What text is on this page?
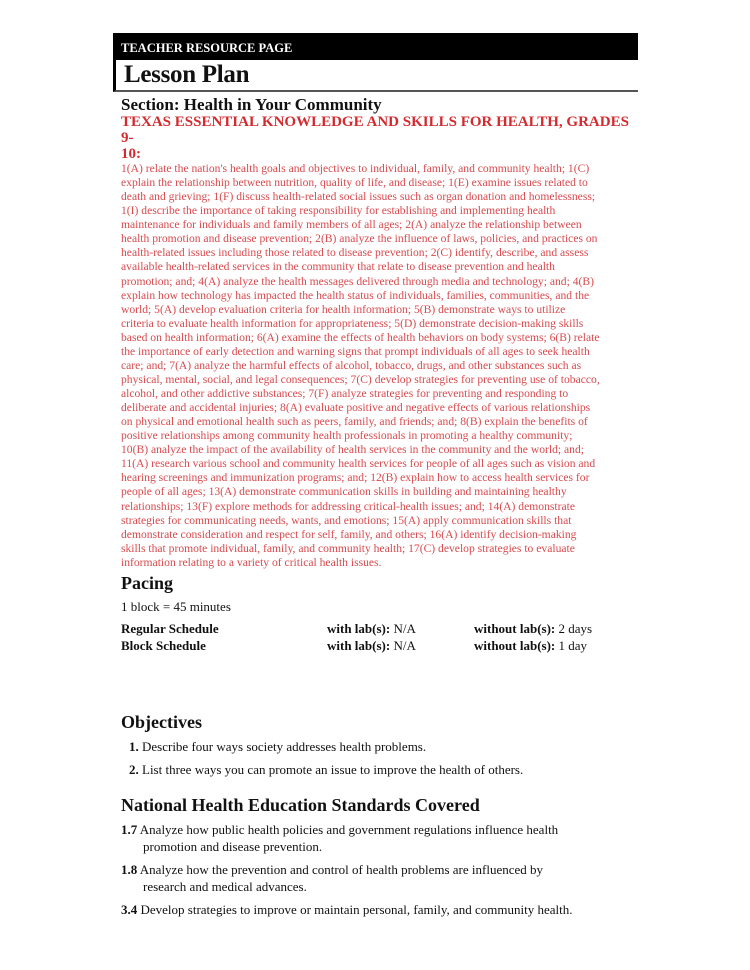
TEACHER RESOURCE PAGE
Lesson Plan
Section: Health in Your Community
TEXAS ESSENTIAL KNOWLEDGE AND SKILLS FOR HEALTH, GRADES 9-
10:
1(A) relate the nation's health goals and objectives to individual, family, and community health; 1(C)
explain the relationship between nutrition, quality of life, and disease; 1(E) examine issues related to
death and grieving; 1(F) discuss health-related social issues such as organ donation and homelessness;
1(I) describe the importance of taking responsibility for establishing and implementing health
maintenance for individuals and family members of all ages; 2(A) analyze the relationship between
health promotion and disease prevention; 2(B) analyze the influence of laws, policies, and practices on
health-related issues including those related to disease prevention; 2(C) identify, describe, and assess
available health-related services in the community that relate to disease prevention and health
promotion; and; 4(A) analyze the health messages delivered through media and technology; and; 4(B)
explain how technology has impacted the health status of individuals, families, communities, and the
world; 5(A) develop evaluation criteria for health information; 5(B) demonstrate ways to utilize
criteria to evaluate health information for appropriateness; 5(D) demonstrate decision-making skills
based on health information; 6(A) examine the effects of health behaviors on body systems; 6(B) relate
the importance of early detection and warning signs that prompt individuals of all ages to seek health
care; and; 7(A) analyze the harmful effects of alcohol, tobacco, drugs, and other substances such as
physical, mental, social, and legal consequences; 7(C) develop strategies for preventing use of tobacco,
alcohol, and other addictive substances; 7(F) analyze strategies for preventing and responding to
deliberate and accidental injuries; 8(A) evaluate positive and negative effects of various relationships
on physical and emotional health such as peers, family, and friends; and; 8(B) explain the benefits of
positive relationships among community health professionals in promoting a healthy community;
10(B) analyze the impact of the availability of health services in the community and the world; and;
11(A) research various school and community health services for people of all ages such as vision and
hearing screenings and immunization programs; and; 12(B) explain how to access health services for
people of all ages; 13(A) demonstrate communication skills in building and maintaining healthy
relationships; 13(F) explore methods for addressing critical-health issues; and; 14(A) demonstrate
strategies for communicating needs, wants, and emotions; 15(A) apply communication skills that
demonstrate consideration and respect for self, family, and others; 16(A) identify decision-making
skills that promote individual, family, and community health; 17(C) develop strategies to evaluate
information relating to a variety of critical health issues.
Pacing
1 block = 45 minutes
Regular Schedule	with lab(s): N/A	without lab(s): 2 days
Block Schedule	with lab(s): N/A	without lab(s): 1 day
Objectives
1. Describe four ways society addresses health problems.
2. List three ways you can promote an issue to improve the health of others.
National Health Education Standards Covered
1.7 Analyze how public health policies and government regulations influence health
promotion and disease prevention.
1.8 Analyze how the prevention and control of health problems are influenced by
research and medical advances.
3.4 Develop strategies to improve or maintain personal, family, and community health.
